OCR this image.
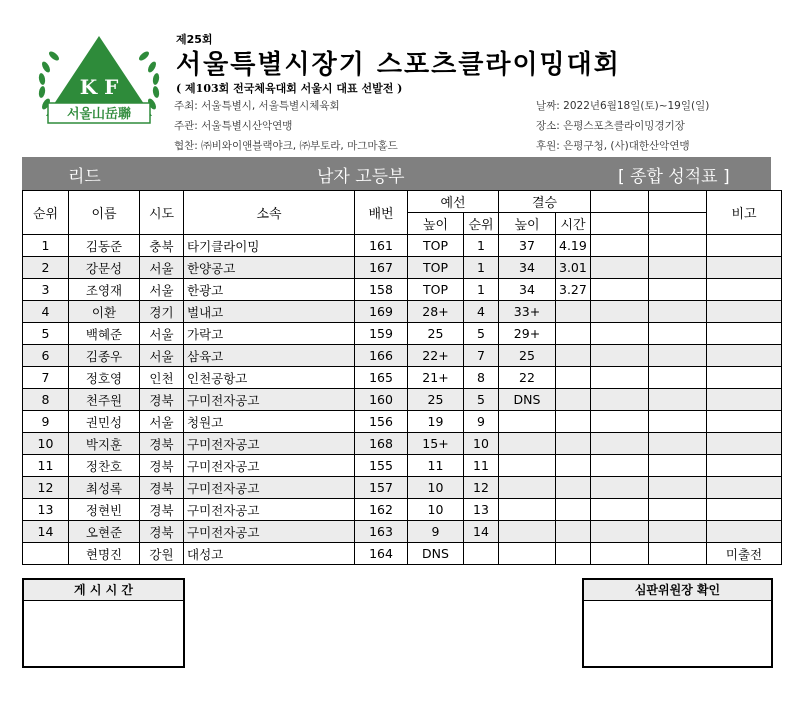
K F
서울山岳聯
제25회
서울특별시장기 스포츠클라이밍대회
( 제103회 전국체육대회 서울시 대표 선발전 )
주최: 서울특별시, 서울특별시체육회
주관: 서울특별시산악연맹
협찬: ㈜비와이앤블랙야크, ㈜부토라, 마그마홀드
날짜: 2022년6월18일(토)~19일(일)
장소: 은평스포츠클라이밍경기장
후원: 은평구청, (사)대한산악연맹
리드	남자 고등부	[ 종합 성적표 ]
순위	이름	시도	소속	배번	예선		결승				비고
					높이	순위	높이	시간			
1	김동준	충북	타기클라이밍	161	TOP	1	37	4.19			
2	강문성	서울	한양공고	167	TOP	1	34	3.01			
3	조영재	서울	한광고	158	TOP	1	34	3.27			
4	이환	경기	벌내고	169	28+	4	33+				
5	백혜준	서울	가락고	159	25	5	29+				
6	김종우	서울	삼육고	166	22+	7	25				
7	정호영	인천	인천공항고	165	21+	8	22				
8	천주원	경북	구미전자공고	160	25	5	DNS				
9	권민성	서울	청원고	156	19	9					
10	박지훈	경북	구미전자공고	168	15+	10					
11	정찬호	경북	구미전자공고	155	11	11					
12	최성록	경북	구미전자공고	157	10	12					
13	정현빈	경북	구미전자공고	162	10	13					
14	오현준	경북	구미전자공고	163	9	14					
	현명진	강원	대성고	164	DNS						미출전
게 시 시 간	심판위원장 확인
